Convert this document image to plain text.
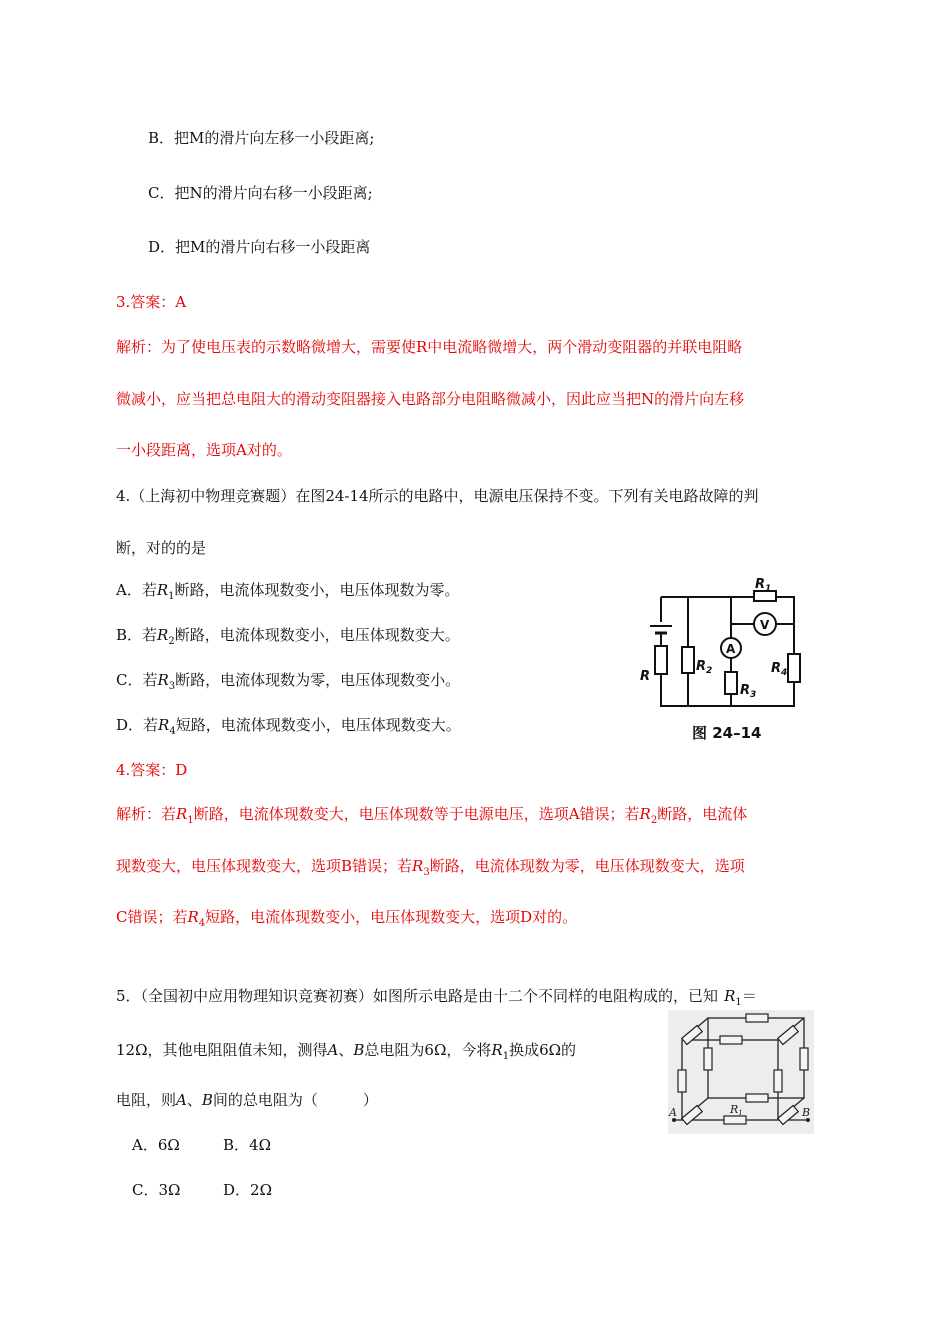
B．把M的滑片向左移一小段距离;
C．把N的滑片向右移一小段距离;
D．把M的滑片向右移一小段距离
3.答案：A
解析：为了使电压表的示数略微增大，需要使R中电流略微增大，两个滑动变阻器的并联电阻略
微减小，应当把总电阻大的滑动变阻器接入电路部分电阻略微减小，因此应当把N的滑片向左移
一小段距离，选项A对的。
4.（上海初中物理竞赛题）在图24-14所示的电路中，电源电压保持不变。下列有关电路故障的判
断，对的的是
A．若$R_1$断路，电流体现数变小，电压体现数为零。
B．若$R_2$断路，电流体现数变小，电压体现数变大。
C．若$R_3$断路，电流体现数为零，电压体现数变小。
D．若$R_4$短路，电流体现数变小，电压体现数变大。
$R_1$
R
$R_2$
$R_3$
$R_4$
A
V
图 24–14
4.答案：D
解析：若$R_1$断路，电流体现数变大，电压体现数等于电源电压，选项A错误；若$R_2$断路，电流体
现数变大，电压体现数变大，选项B错误；若$R_3$断路，电流体现数为零，电压体现数变大，选项
C错误；若$R_4$短路，电流体现数变小，电压体现数变大，选项D对的。
5．（全国初中应用物理知识竞赛初赛）如图所示电路是由十二个不同样的电阻构成的，已知 $R_1=$
12Ω，其他电阻阻值未知，测得A、B总电阻为6Ω，今将$R_1$换成6Ω的
电阻，则A、B间的总电阻为（　　　）
A．6Ω	B．4Ω
C．3Ω	D．2Ω
A	B
R1
